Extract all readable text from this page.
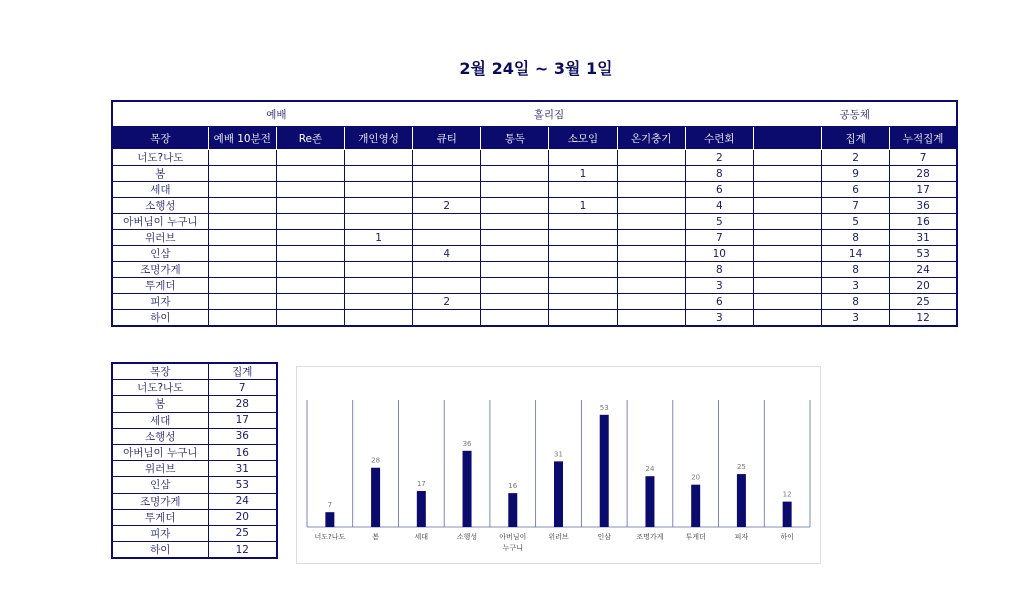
2월 24일 ~ 3월 1일
	예배		홀리짐						공동체		
목장	예배 10분전	Re존	개인영성	큐티	통독	소모임	온기충기	수련회		집계	누적집계
너도?나도								2		2	7
봄						1		8		9	28
세대								6		6	17
소행성				2		1		4		7	36
아버님이 누구니								5		5	16
위러브			1					7		8	31
인삼				4				10		14	53
조명가게								8		8	24
투게더								3		3	20
피자				2				6		8	25
하이								3		3	12
목장	집계
너도?나도	7
봄	28
세대	17
소행성	36
아버님이 누구니	16
위러브	31
인삼	53
조명가게	24
투게더	20
피자	25
하이	12
7
너도?나도
28
봄
17
세대
36
소행성
16
아버님이
누구니
31
위러브
53
인삼
24
조명가게
20
투게더
25
피자
12
하이
